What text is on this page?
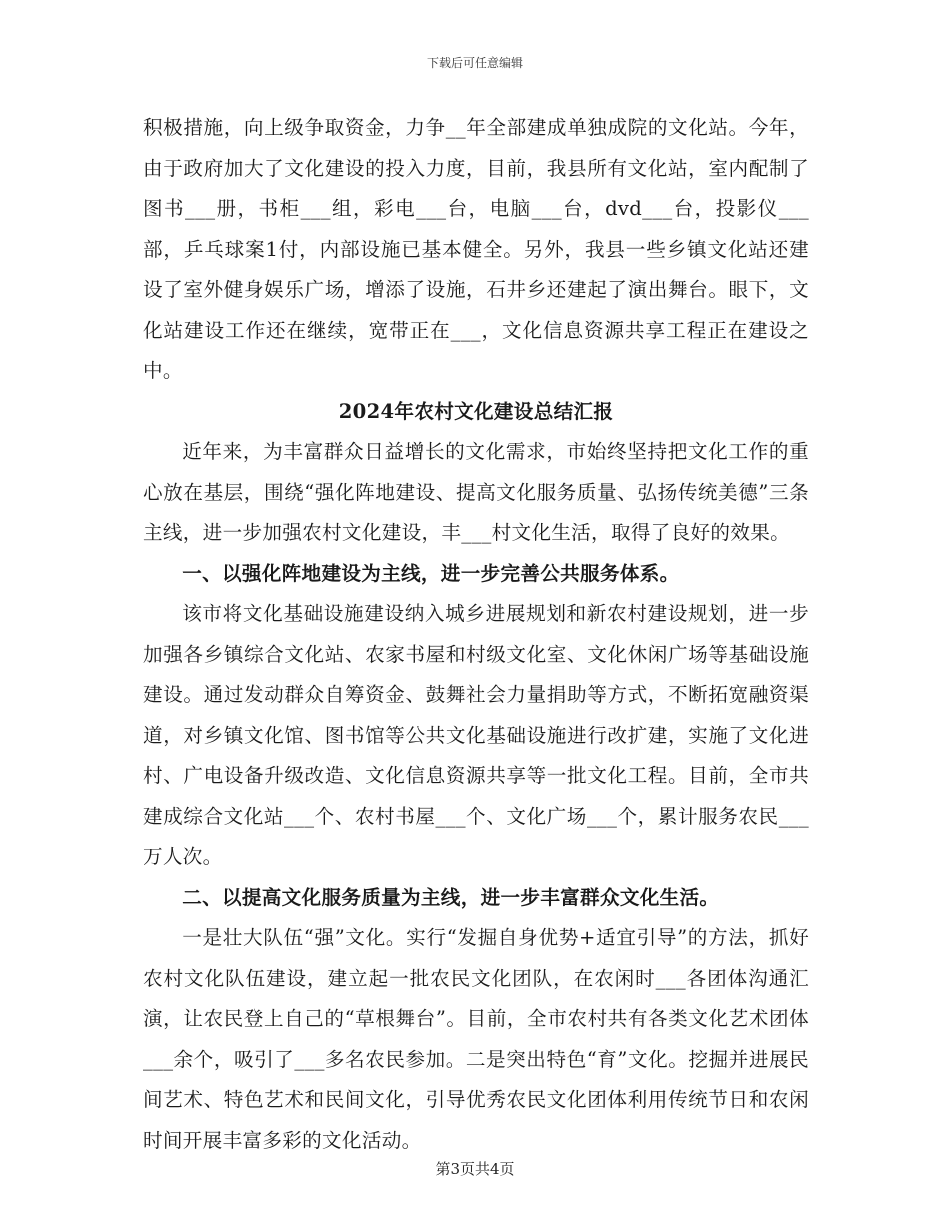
下载后可任意编辑

积极措施，向上级争取资金，力争__年全部建成单独成院的文化站。今年，由于政府加大了文化建设的投入力度，目前，我县所有文化站，室内配制了图书___册，书柜___组，彩电___台，电脑___台，dvd___台，投影仪___部，乒乓球案1付，内部设施已基本健全。另外，我县一些乡镇文化站还建设了室外健身娱乐广场，增添了设施，石井乡还建起了演出舞台。眼下，文化站建设工作还在继续，宽带正在___，文化信息资源共享工程正在建设之中。

2024年农村文化建设总结汇报

近年来，为丰富群众日益增长的文化需求，市始终坚持把文化工作的重心放在基层，围绕“强化阵地建设、提高文化服务质量、弘扬传统美德”三条主线，进一步加强农村文化建设，丰___村文化生活，取得了良好的效果。

一、以强化阵地建设为主线，进一步完善公共服务体系。

该市将文化基础设施建设纳入城乡进展规划和新农村建设规划，进一步加强各乡镇综合文化站、农家书屋和村级文化室、文化休闲广场等基础设施建设。通过发动群众自筹资金、鼓舞社会力量捐助等方式，不断拓宽融资渠道，对乡镇文化馆、图书馆等公共文化基础设施进行改扩建，实施了文化进村、广电设备升级改造、文化信息资源共享等一批文化工程。目前，全市共建成综合文化站___个、农村书屋___个、文化广场___个，累计服务农民___万人次。

二、以提高文化服务质量为主线，进一步丰富群众文化生活。

一是壮大队伍“强”文化。实行“发掘自身优势+适宜引导”的方法，抓好农村文化队伍建设，建立起一批农民文化团队，在农闲时___各团体沟通汇演，让农民登上自己的“草根舞台”。目前，全市农村共有各类文化艺术团体___余个，吸引了___多名农民参加。二是突出特色“育”文化。挖掘并进展民间艺术、特色艺术和民间文化，引导优秀农民文化团体利用传统节日和农闲时间开展丰富多彩的文化活动。

第3页共4页
